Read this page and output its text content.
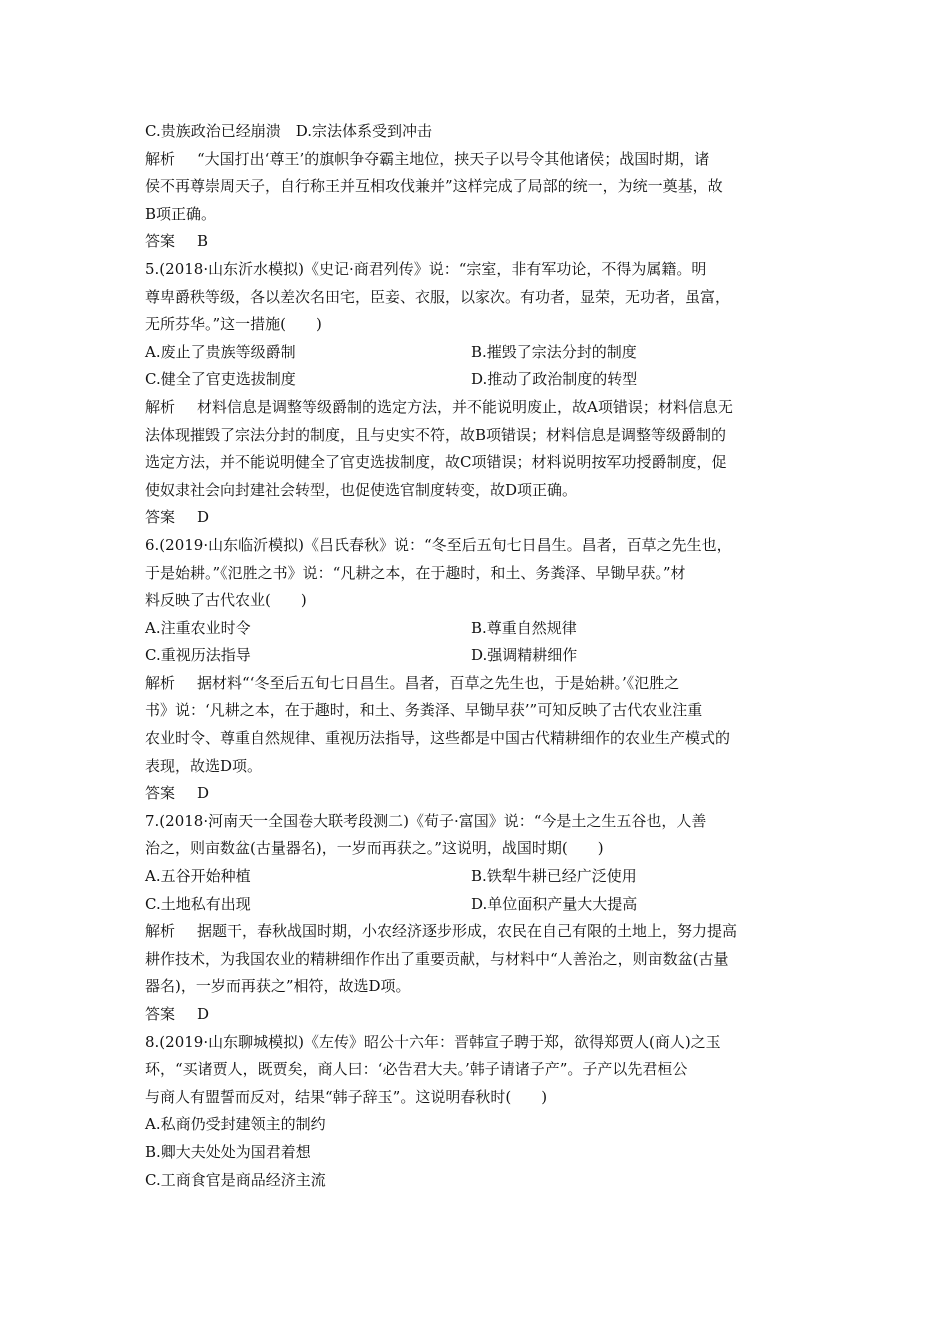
C.贵族政治已经崩溃　D.宗法体系受到冲击
解析 “大国打出‘尊王’的旗帜争夺霸主地位，挟天子以号令其他诸侯；战国时期，诸
侯不再尊崇周天子，自行称王并互相攻伐兼并”这样完成了局部的统一，为统一奠基，故
B项正确。
答案 B
5.(2018·山东沂水模拟)《史记·商君列传》说：“宗室，非有军功论，不得为属籍。明
尊卑爵秩等级，各以差次名田宅，臣妾、衣服，以家次。有功者，显荣，无功者，虽富，
无所芬华。”这一措施(　　)
A.废止了贵族等级爵制	B.摧毁了宗法分封的制度
C.健全了官吏选拔制度	D.推动了政治制度的转型
解析 材料信息是调整等级爵制的选定方法，并不能说明废止，故A项错误；材料信息无
法体现摧毁了宗法分封的制度，且与史实不符，故B项错误；材料信息是调整等级爵制的
选定方法，并不能说明健全了官吏选拔制度，故C项错误；材料说明按军功授爵制度，促
使奴隶社会向封建社会转型，也促使选官制度转变，故D项正确。
答案 D
6.(2019·山东临沂模拟)《吕氏春秋》说：“冬至后五旬七日昌生。昌者，百草之先生也，
于是始耕。”《氾胜之书》说：“凡耕之本，在于趣时，和土、务粪泽、早锄早获。”材
料反映了古代农业(　　)
A.注重农业时令	B.尊重自然规律
C.重视历法指导	D.强调精耕细作
解析 据材料“‘冬至后五旬七日昌生。昌者，百草之先生也，于是始耕。’《氾胜之
书》说：‘凡耕之本，在于趣时，和土、务粪泽、早锄早获’”可知反映了古代农业注重
农业时令、尊重自然规律、重视历法指导，这些都是中国古代精耕细作的农业生产模式的
表现，故选D项。
答案 D
7.(2018·河南天一全国卷大联考段测二)《荀子·富国》说：“今是土之生五谷也，人善
治之，则亩数盆(古量器名)，一岁而再获之。”这说明，战国时期(　　)
A.五谷开始种植	B.铁犁牛耕已经广泛使用
C.土地私有出现	D.单位面积产量大大提高
解析 据题干，春秋战国时期，小农经济逐步形成，农民在自己有限的土地上，努力提高
耕作技术，为我国农业的精耕细作作出了重要贡献，与材料中“人善治之，则亩数盆(古量
器名)，一岁而再获之”相符，故选D项。
答案 D
8.(2019·山东聊城模拟)《左传》昭公十六年：晋韩宣子聘于郑，欲得郑贾人(商人)之玉
环，“买诸贾人，既贾矣，商人曰：‘必告君大夫。’韩子请诸子产”。子产以先君桓公
与商人有盟誓而反对，结果“韩子辞玉”。这说明春秋时(　　)
A.私商仍受封建领主的制约
B.卿大夫处处为国君着想
C.工商食官是商品经济主流
